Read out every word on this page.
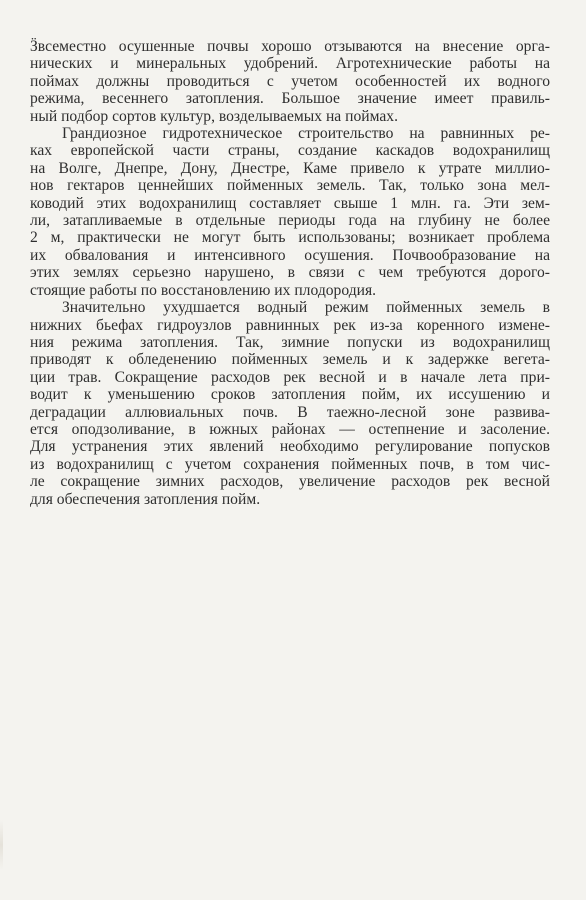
Ӟвсеместно осушенные почвы хорошо отзываются на внесение орга-
нических и минеральных удобрений. Агротехнические работы на
поймах должны проводиться с учетом особенностей их водного
режима, весеннего затопления. Большое значение имеет правиль-
ный подбор сортов культур, возделываемых на поймах.

Грандиозное гидротехническое строительство на равнинных ре-
ках европейской части страны, создание каскадов водохранилищ
на Волге, Днепре, Дону, Днестре, Каме привело к утрате миллио-
нов гектаров ценнейших пойменных земель. Так, только зона мел-
ководий этих водохранилищ составляет свыше 1 млн. га. Эти зем-
ли, затапливаемые в отдельные периоды года на глубину не более
2 м, практически не могут быть использованы; возникает проблема
их обвалования и интенсивного осушения. Почвообразование на
этих землях серьезно нарушено, в связи с чем требуются дорого-
стоящие работы по восстановлению их плодородия.

Значительно ухудшается водный режим пойменных земель в
нижних бьефах гидроузлов равнинных рек из-за коренного измене-
ния режима затопления. Так, зимние попуски из водохранилищ
приводят к обледенению пойменных земель и к задержке вегета-
ции трав. Сокращение расходов рек весной и в начале лета при-
водит к уменьшению сроков затопления пойм, их иссушению и
деградации аллювиальных почв. В таежно-лесной зоне развива-
ется оподзоливание, в южных районах — остепнение и засоление.
Для устранения этих явлений необходимо регулирование попусков
из водохранилищ с учетом сохранения пойменных почв, в том чис-
ле сокращение зимних расходов, увеличение расходов рек весной
для обеспечения затопления пойм.
